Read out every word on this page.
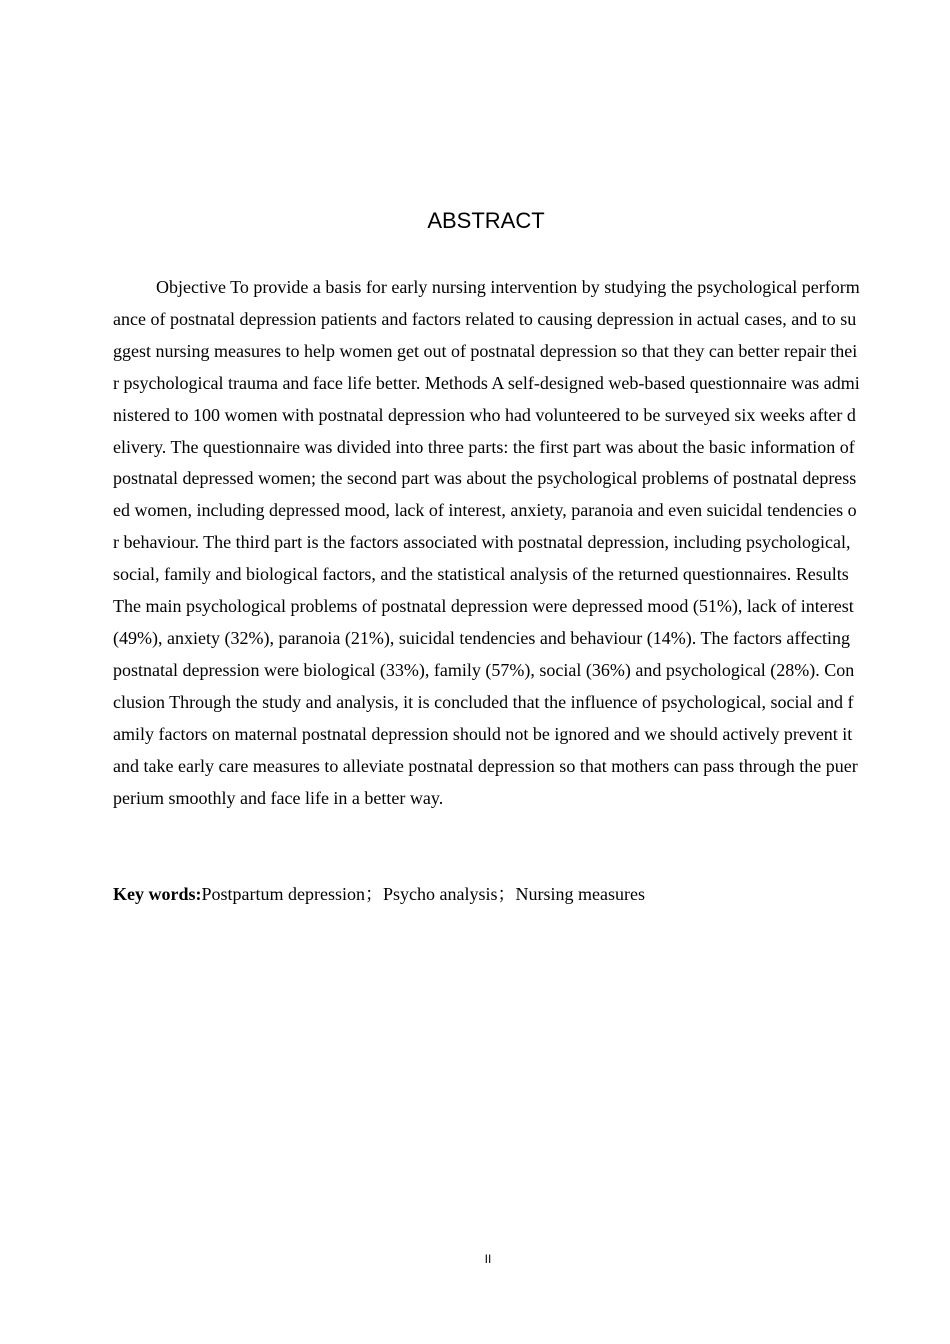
ABSTRACT

Objective To provide a basis for early nursing intervention by studying the psychological performance of postnatal depression patients and factors related to causing depression in actual cases, and to suggest nursing measures to help women get out of postnatal depression so that they can better repair their psychological trauma and face life better. Methods A self-designed web-based questionnaire was administered to 100 women with postnatal depression who had volunteered to be surveyed six weeks after delivery. The questionnaire was divided into three parts: the first part was about the basic information of postnatal depressed women; the second part was about the psychological problems of postnatal depressed women, including depressed mood, lack of interest, anxiety, paranoia and even suicidal tendencies or behaviour. The third part is the factors associated with postnatal depression, including psychological, social, family and biological factors, and the statistical analysis of the returned questionnaires. Results The main psychological problems of postnatal depression were depressed mood (51%), lack of interest (49%), anxiety (32%), paranoia (21%), suicidal tendencies and behaviour (14%). The factors affecting postnatal depression were biological (33%), family (57%), social (36%) and psychological (28%). Conclusion Through the study and analysis, it is concluded that the influence of psychological, social and family factors on maternal postnatal depression should not be ignored and we should actively prevent it and take early care measures to alleviate postnatal depression so that mothers can pass through the puerperium smoothly and face life in a better way.

Key words:Postpartum depression；Psycho analysis；Nursing measures

II
